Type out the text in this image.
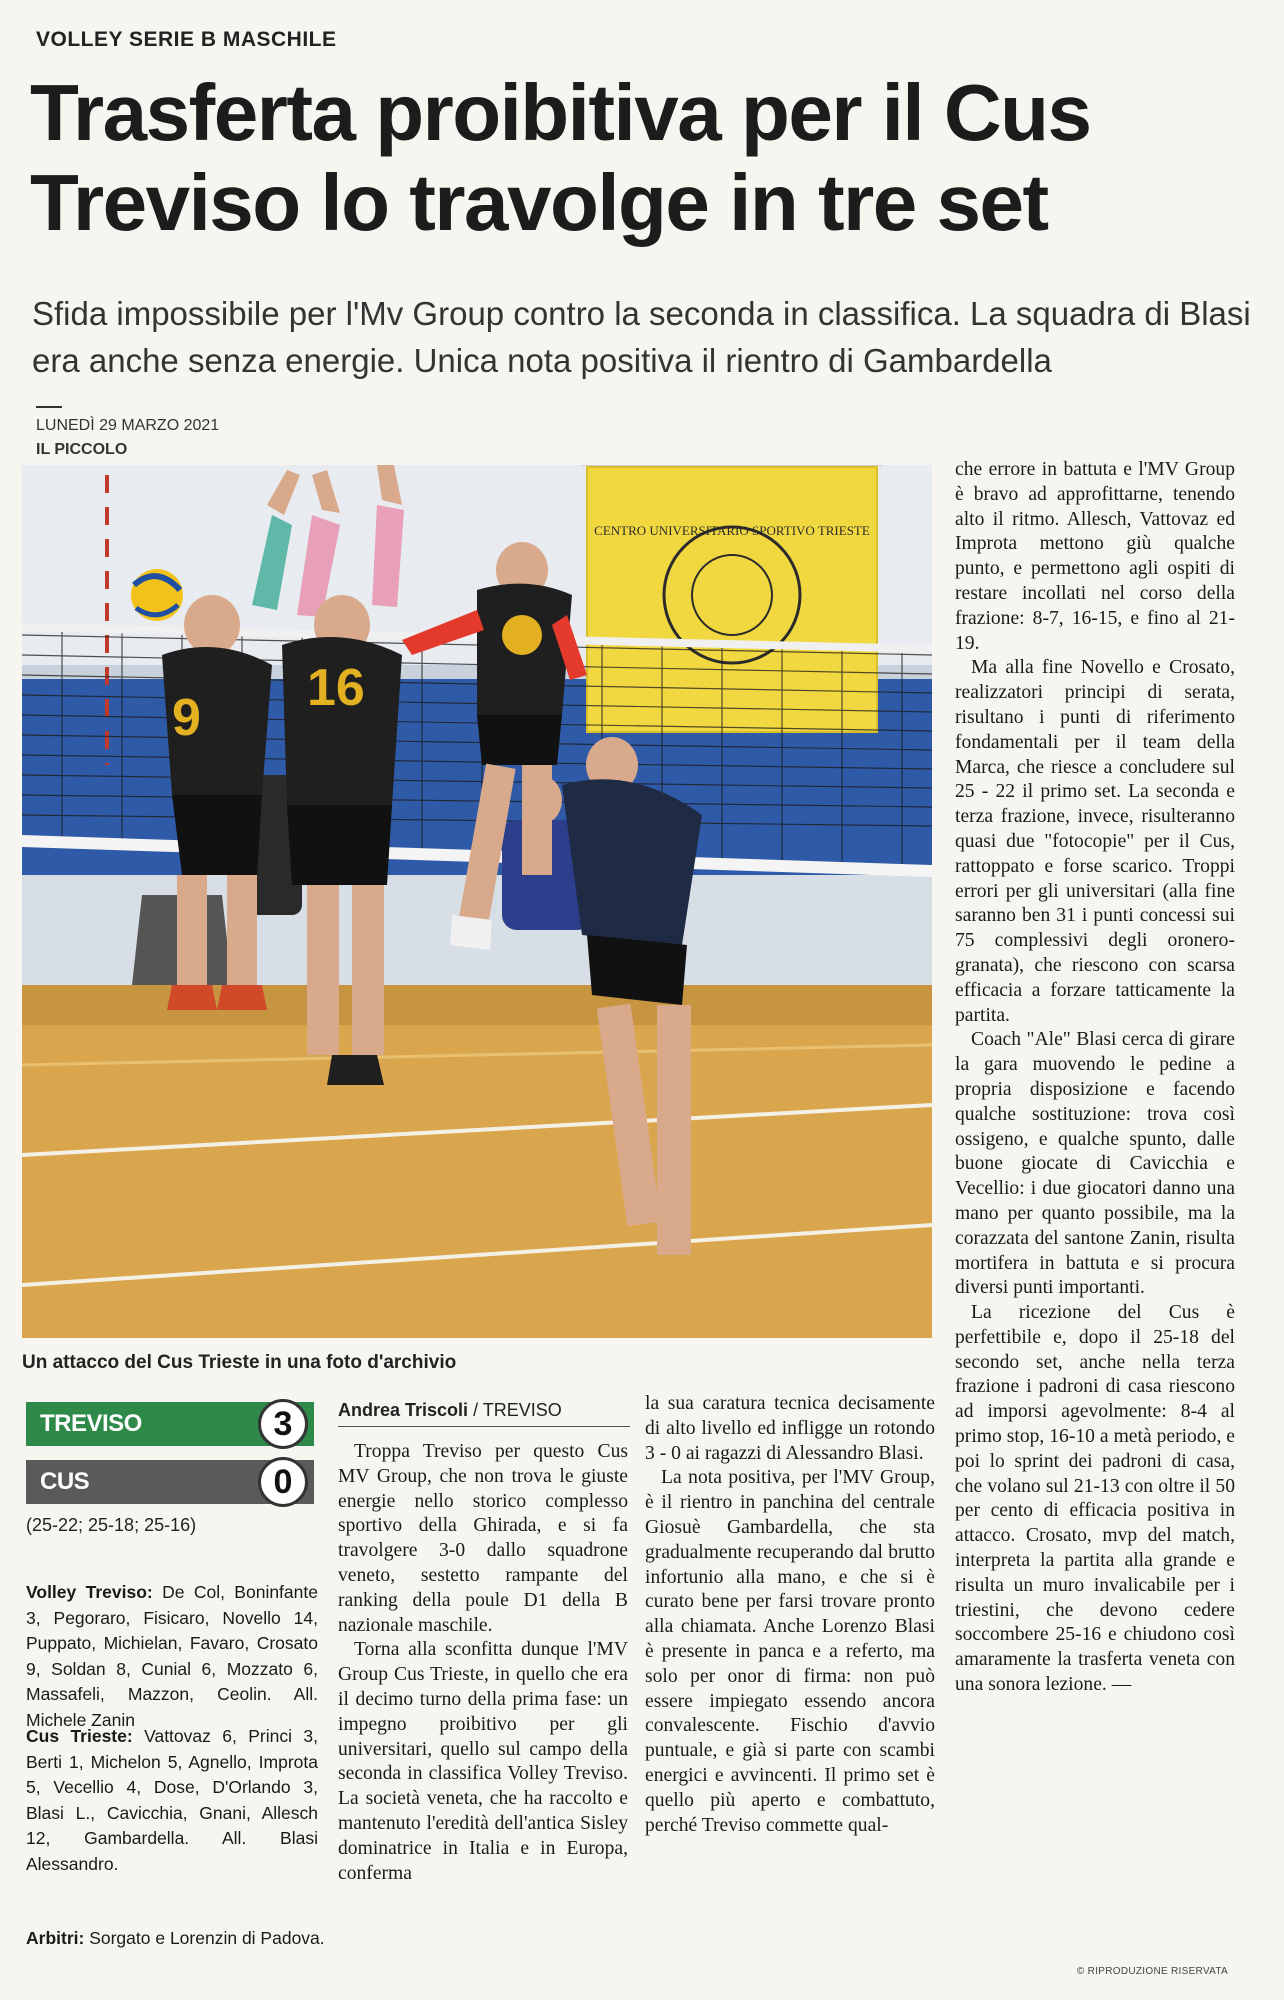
VOLLEY SERIE B MASCHILE
Trasferta proibitiva per il Cus Treviso lo travolge in tre set
Sfida impossibile per l'Mv Group contro la seconda in classifica. La squadra di Blasi era anche senza energie. Unica nota positiva il rientro di Gambardella
LUNEDÌ 29 MARZO 2021
IL PICCOLO
CENTRO UNIVERSITARIO SPORTIVO TRIESTE
9
16
Un attacco del Cus Trieste in una foto d'archivio
TREVISO	3
CUS	0
(25-22; 25-18; 25-16)
Volley Treviso: De Col, Boninfante 3, Pegoraro, Fisicaro, Novello 14, Puppato, Michielan, Favaro, Crosato 9, Soldan 8, Cunial 6, Mozzato 6, Massafeli, Mazzon, Ceolin. All. Michele Zanin
Cus Trieste: Vattovaz 6, Princi 3, Berti 1, Michelon 5, Agnello, Improta 5, Vecellio 4, Dose, D'Orlando 3, Blasi L., Cavicchia, Gnani, Allesch 12, Gambardella. All. Blasi Alessandro.
Arbitri: Sorgato e Lorenzin di Padova.
Andrea Triscoli / TREVISO

Troppa Treviso per questo Cus MV Group, che non trova le giuste energie nello storico complesso sportivo della Ghirada, e si fa travolgere 3-0 dallo squadrone veneto, sestetto rampante del ranking della poule D1 della B nazionale maschile.

Torna alla sconfitta dunque l'MV Group Cus Trieste, in quello che era il decimo turno della prima fase: un impegno proibitivo per gli universitari, quello sul campo della seconda in classifica Volley Treviso. La società veneta, che ha raccolto e mantenuto l'eredità dell'antica Sisley dominatrice in Italia e in Europa, conferma

la sua caratura tecnica decisamente di alto livello ed infligge un rotondo 3 - 0 ai ragazzi di Alessandro Blasi.

La nota positiva, per l'MV Group, è il rientro in panchina del centrale Giosuè Gambardella, che sta gradualmente recuperando dal brutto infortunio alla mano, e che si è curato bene per farsi trovare pronto alla chiamata. Anche Lorenzo Blasi è presente in panca e a referto, ma solo per onor di firma: non può essere impiegato essendo ancora convalescente. Fischio d'avvio puntuale, e già si parte con scambi energici e avvincenti. Il primo set è quello più aperto e combattuto, perché Treviso commette qual-

che errore in battuta e l'MV Group è bravo ad approfittarne, tenendo alto il ritmo. Allesch, Vattovaz ed Improta mettono giù qualche punto, e permettono agli ospiti di restare incollati nel corso della frazione: 8-7, 16-15, e fino al 21-19.

Ma alla fine Novello e Crosato, realizzatori principi di serata, risultano i punti di riferimento fondamentali per il team della Marca, che riesce a concludere sul 25 - 22 il primo set. La seconda e terza frazione, invece, risulteranno quasi due "fotocopie" per il Cus, rattoppato e forse scarico. Troppi errori per gli universitari (alla fine saranno ben 31 i punti concessi sui 75 complessivi degli oronero-granata), che riescono con scarsa efficacia a forzare tatticamente la partita.

Coach "Ale" Blasi cerca di girare la gara muovendo le pedine a propria disposizione e facendo qualche sostituzione: trova così ossigeno, e qualche spunto, dalle buone giocate di Cavicchia e Vecellio: i due giocatori danno una mano per quanto possibile, ma la corazzata del santone Zanin, risulta mortifera in battuta e si procura diversi punti importanti.

La ricezione del Cus è perfettibile e, dopo il 25-18 del secondo set, anche nella terza frazione i padroni di casa riescono ad imporsi agevolmente: 8-4 al primo stop, 16-10 a metà periodo, e poi lo sprint dei padroni di casa, che volano sul 21-13 con oltre il 50 per cento di efficacia positiva in attacco. Crosato, mvp del match, interpreta la partita alla grande e risulta un muro invalicabile per i triestini, che devono cedere soccombere 25-16 e chiudono così amaramente la trasferta veneta con una sonora lezione. —

© RIPRODUZIONE RISERVATA
